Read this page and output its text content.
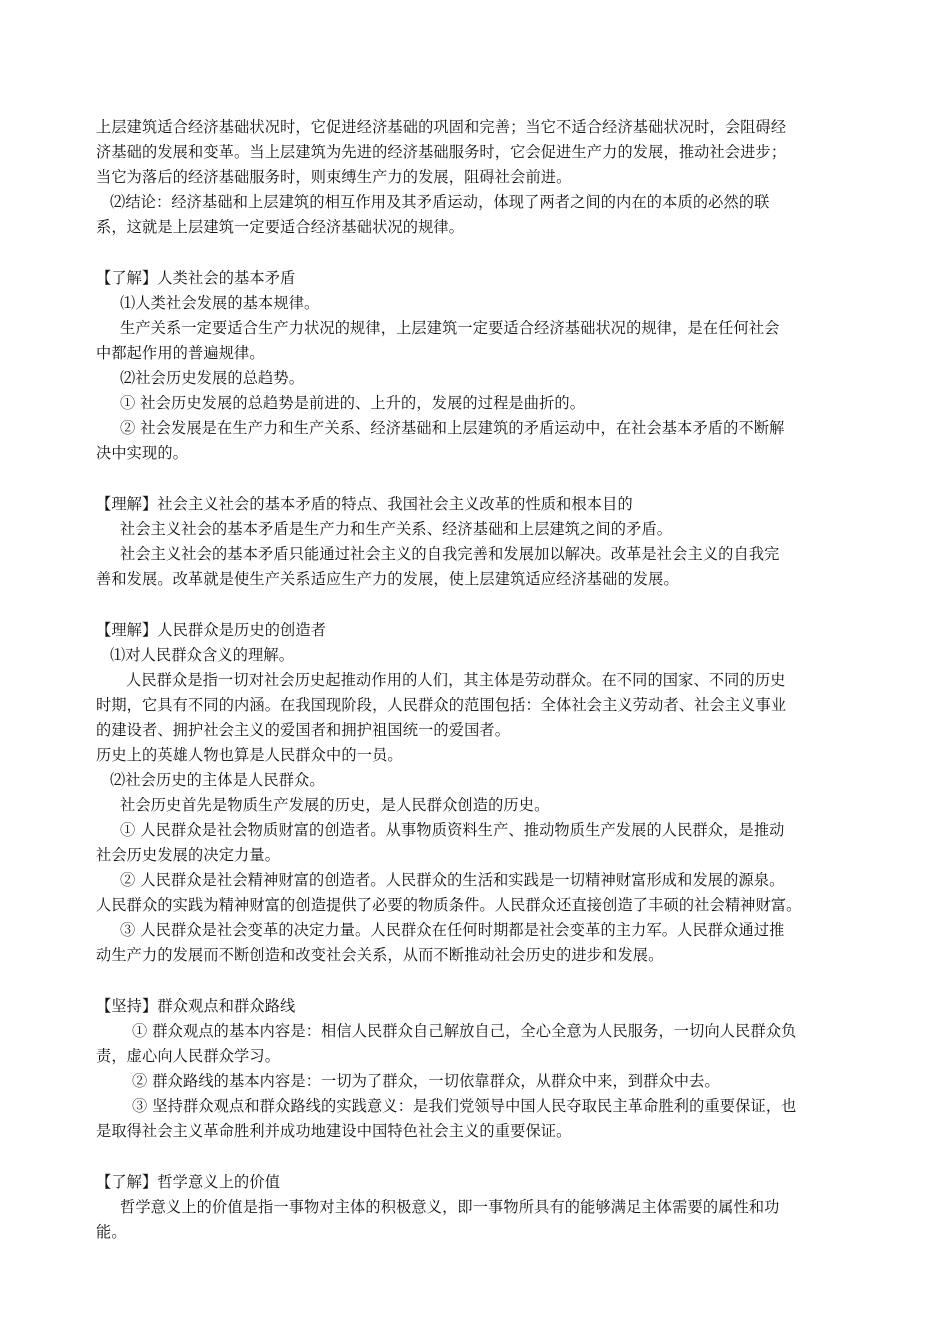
上层建筑适合经济基础状况时，它促进经济基础的巩固和完善；当它不适合经济基础状况时，会阻碍经
济基础的发展和变革。当上层建筑为先进的经济基础服务时，它会促进生产力的发展，推动社会进步；
当它为落后的经济基础服务时，则束缚生产力的发展，阻碍社会前进。
⑵结论：经济基础和上层建筑的相互作用及其矛盾运动，体现了两者之间的内在的本质的必然的联
系，这就是上层建筑一定要适合经济基础状况的规律。
【了解】人类社会的基本矛盾
⑴人类社会发展的基本规律。
生产关系一定要适合生产力状况的规律，上层建筑一定要适合经济基础状况的规律，是在任何社会
中都起作用的普遍规律。
⑵社会历史发展的总趋势。
① 社会历史发展的总趋势是前进的、上升的，发展的过程是曲折的。
② 社会发展是在生产力和生产关系、经济基础和上层建筑的矛盾运动中，在社会基本矛盾的不断解
决中实现的。
【理解】社会主义社会的基本矛盾的特点、我国社会主义改革的性质和根本目的
社会主义社会的基本矛盾是生产力和生产关系、经济基础和上层建筑之间的矛盾。
社会主义社会的基本矛盾只能通过社会主义的自我完善和发展加以解决。改革是社会主义的自我完
善和发展。改革就是使生产关系适应生产力的发展，使上层建筑适应经济基础的发展。
【理解】人民群众是历史的创造者
⑴对人民群众含义的理解。
人民群众是指一切对社会历史起推动作用的人们，其主体是劳动群众。在不同的国家、不同的历史
时期，它具有不同的内涵。在我国现阶段，人民群众的范围包括：全体社会主义劳动者、社会主义事业
的建设者、拥护社会主义的爱国者和拥护祖国统一的爱国者。
历史上的英雄人物也算是人民群众中的一员。
⑵社会历史的主体是人民群众。
社会历史首先是物质生产发展的历史，是人民群众创造的历史。
① 人民群众是社会物质财富的创造者。从事物质资料生产、推动物质生产发展的人民群众，是推动
社会历史发展的决定力量。
② 人民群众是社会精神财富的创造者。人民群众的生活和实践是一切精神财富形成和发展的源泉。
人民群众的实践为精神财富的创造提供了必要的物质条件。人民群众还直接创造了丰硕的社会精神财富。
③ 人民群众是社会变革的决定力量。人民群众在任何时期都是社会变革的主力军。人民群众通过推
动生产力的发展而不断创造和改变社会关系，从而不断推动社会历史的进步和发展。
【坚持】群众观点和群众路线
① 群众观点的基本内容是：相信人民群众自己解放自己，全心全意为人民服务，一切向人民群众负
责，虚心向人民群众学习。
② 群众路线的基本内容是：一切为了群众，一切依靠群众，从群众中来，到群众中去。
③ 坚持群众观点和群众路线的实践意义：是我们党领导中国人民夺取民主革命胜利的重要保证，也
是取得社会主义革命胜利并成功地建设中国特色社会主义的重要保证。
【了解】哲学意义上的价值
哲学意义上的价值是指一事物对主体的积极意义，即一事物所具有的能够满足主体需要的属性和功
能。
